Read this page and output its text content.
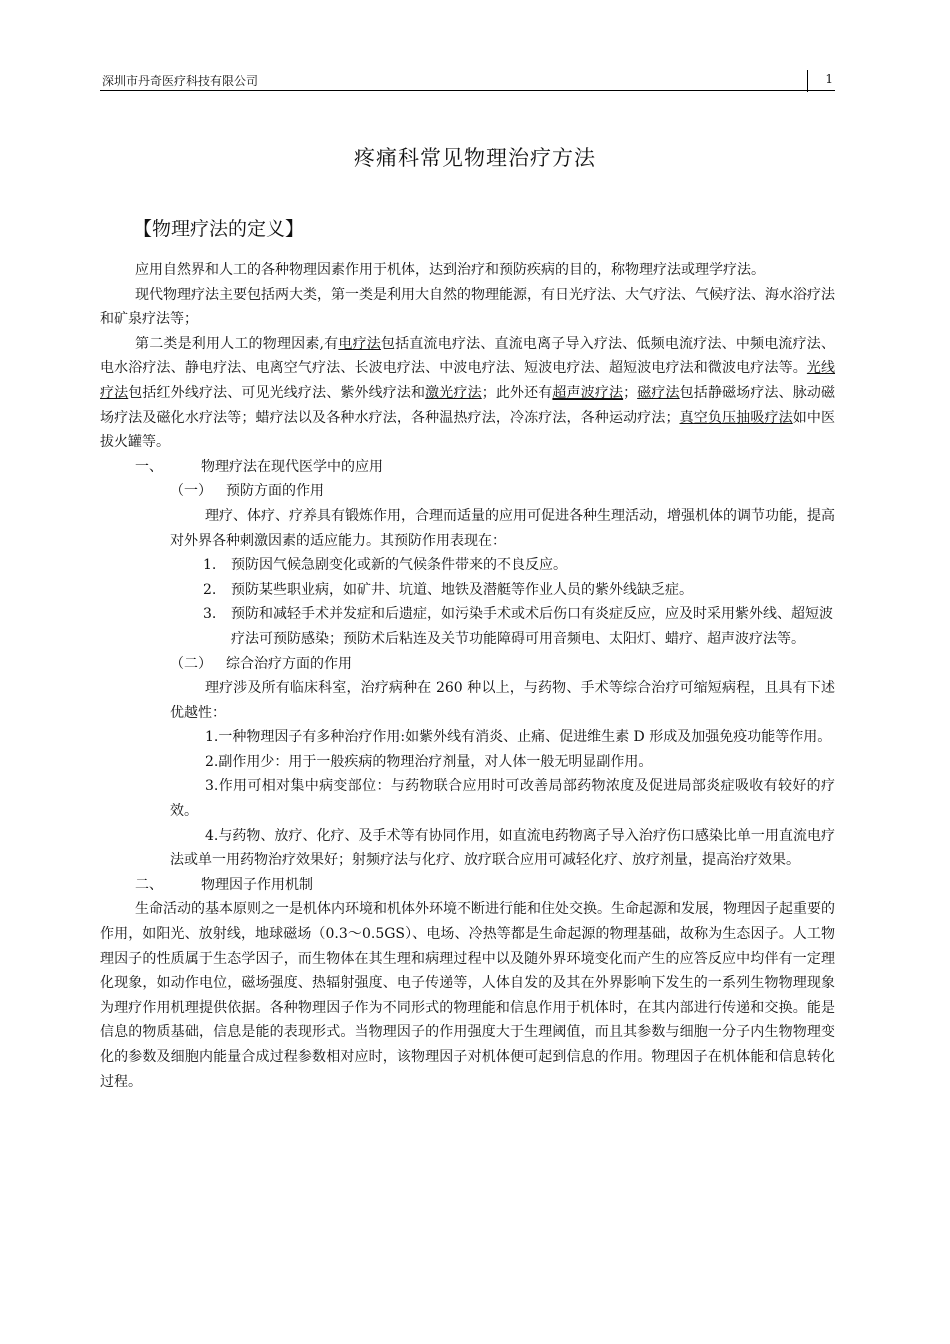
深圳市丹奇医疗科技有限公司	1
疼痛科常见物理治疗方法
【物理疗法的定义】

应用自然界和人工的各种物理因素作用于机体，达到治疗和预防疾病的目的，称物理疗法或理学疗法。

现代物理疗法主要包括两大类，第一类是利用大自然的物理能源，有日光疗法、大气疗法、气候疗法、海水浴疗法和矿泉疗法等；

第二类是利用人工的物理因素,有电疗法包括直流电疗法、直流电离子导入疗法、低频电流疗法、中频电流疗法、电水浴疗法、静电疗法、电离空气疗法、长波电疗法、中波电疗法、短波电疗法、超短波电疗法和微波电疗法等。光线疗法包括红外线疗法、可见光线疗法、紫外线疗法和激光疗法；此外还有超声波疗法；磁疗法包括静磁场疗法、脉动磁场疗法及磁化水疗法等；蜡疗法以及各种水疗法，各种温热疗法，冷冻疗法，各种运动疗法；真空负压抽吸疗法如中医拔火罐等。

一、	物理疗法在现代医学中的应用

（一） 预防方面的作用

理疗、体疗、疗养具有锻炼作用，合理而适量的应用可促进各种生理活动，增强机体的调节功能，提高对外界各种刺激因素的适应能力。其预防作用表现在：

1. 预防因气候急剧变化或新的气候条件带来的不良反应。
2. 预防某些职业病，如矿井、坑道、地铁及潜艇等作业人员的紫外线缺乏症。
3. 预防和减轻手术并发症和后遗症，如污染手术或术后伤口有炎症反应，应及时采用紫外线、超短波疗法可预防感染；预防术后粘连及关节功能障碍可用音频电、太阳灯、蜡疗、超声波疗法等。

（二） 综合治疗方面的作用

理疗涉及所有临床科室，治疗病种在 260 种以上，与药物、手术等综合治疗可缩短病程，且具有下述优越性：

1.一种物理因子有多种治疗作用:如紫外线有消炎、止痛、促进维生素 D 形成及加强免疫功能等作用。

2.副作用少：用于一般疾病的物理治疗剂量，对人体一般无明显副作用。

3.作用可相对集中病变部位：与药物联合应用时可改善局部药物浓度及促进局部炎症吸收有较好的疗效。

4.与药物、放疗、化疗、及手术等有协同作用，如直流电药物离子导入治疗伤口感染比单一用直流电疗法或单一用药物治疗效果好；射频疗法与化疗、放疗联合应用可减轻化疗、放疗剂量，提高治疗效果。

二、	物理因子作用机制

生命活动的基本原则之一是机体内环境和机体外环境不断进行能和住处交换。生命起源和发展，物理因子起重要的作用，如阳光、放射线，地球磁场（0.3～0.5GS）、电场、冷热等都是生命起源的物理基础，故称为生态因子。人工物理因子的性质属于生态学因子，而生物体在其生理和病理过程中以及随外界环境变化而产生的应答反应中均伴有一定理化现象，如动作电位，磁场强度、热辐射强度、电子传递等，人体自发的及其在外界影响下发生的一系列生物物理现象为理疗作用机理提供依据。各种物理因子作为不同形式的物理能和信息作用于机体时，在其内部进行传递和交换。能是信息的物质基础，信息是能的表现形式。当物理因子的作用强度大于生理阈值，而且其参数与细胞一分子内生物物理变化的参数及细胞内能量合成过程参数相对应时，该物理因子对机体便可起到信息的作用。物理因子在机体能和信息转化过程。
